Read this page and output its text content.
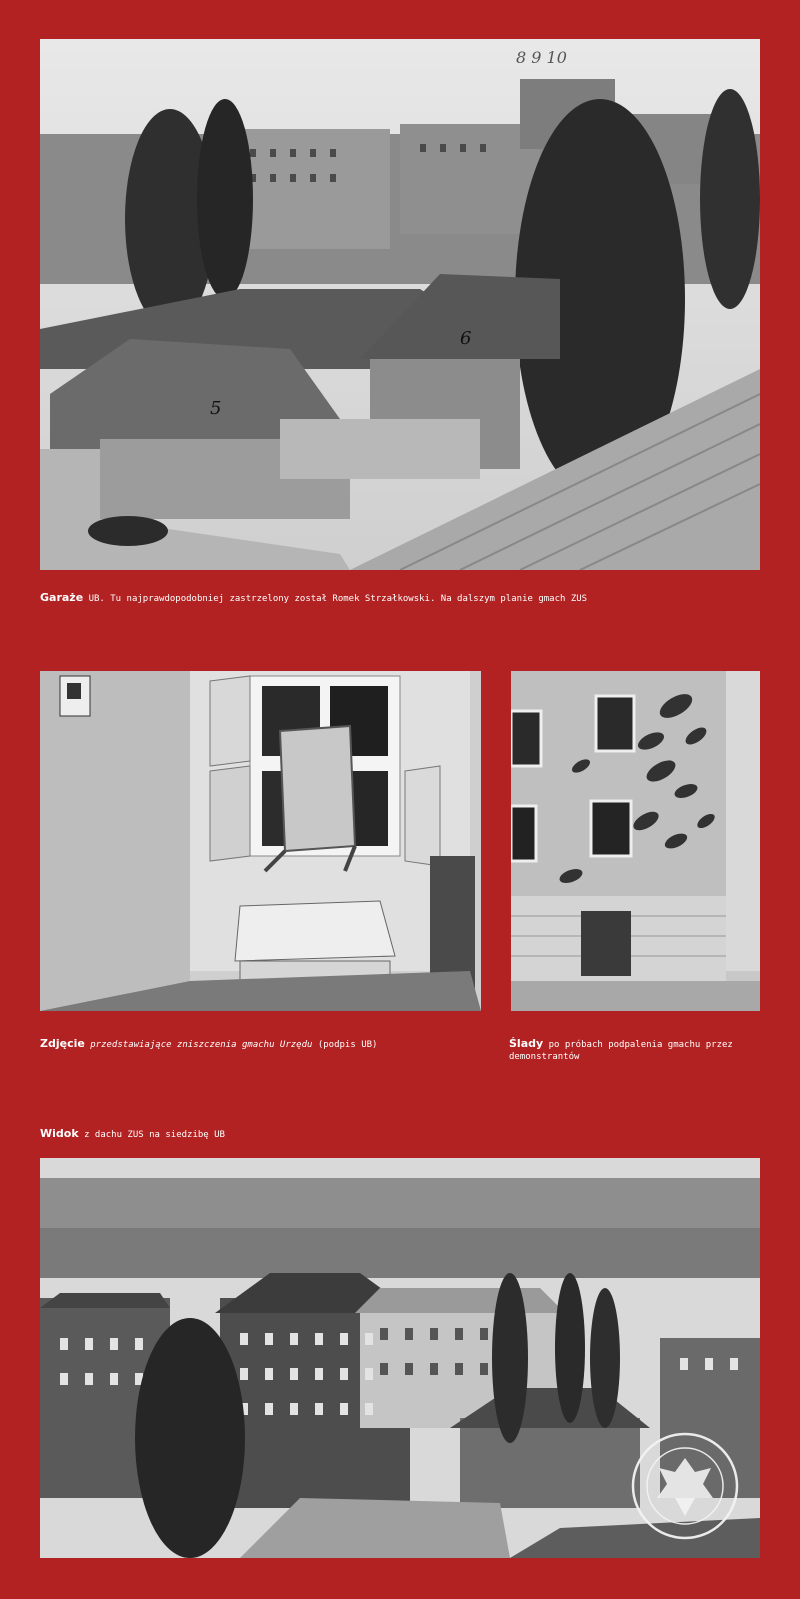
8 9 10
5
6
Garaże UB. Tu najprawdopodobniej zastrzelony został Romek Strzałkowski. Na dalszym planie gmach ZUS
Zdjęcie przedstawiające zniszczenia gmachu Urzędu (podpis UB)	Ślady po próbach podpalenia gmachu przez demonstrantów
Widok z dachu ZUS na siedzibę UB
